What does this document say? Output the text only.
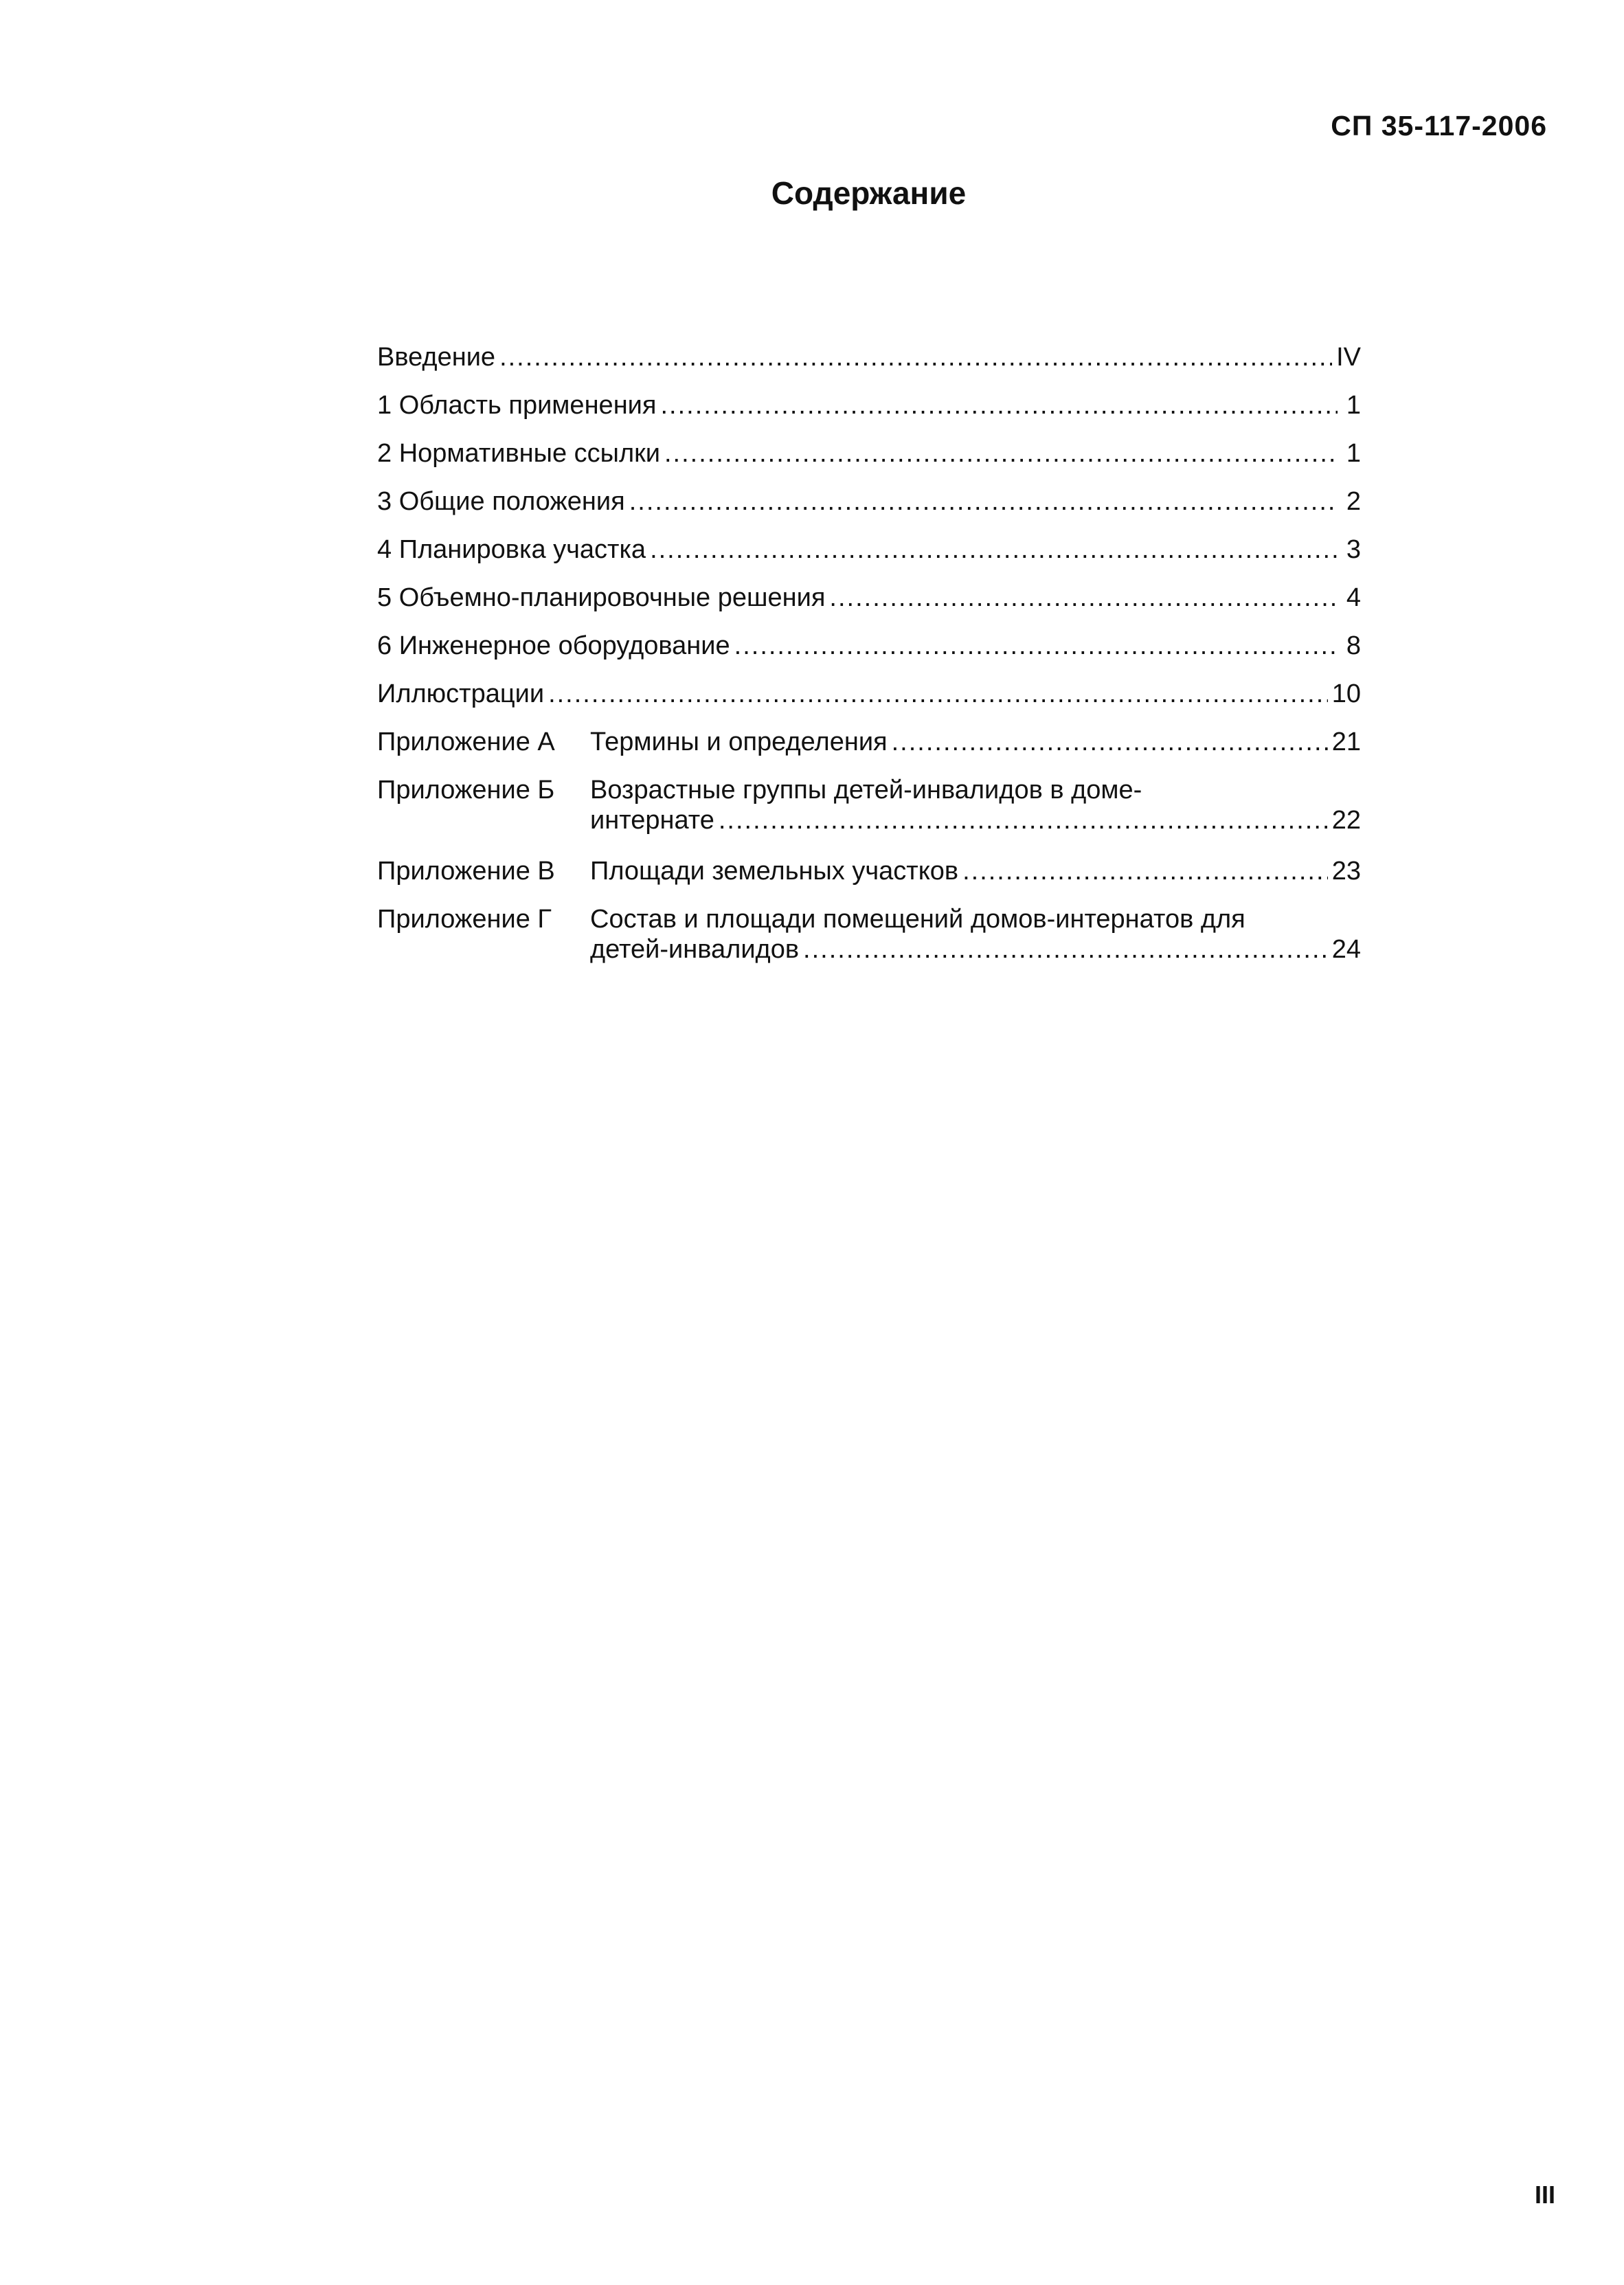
СП 35-117-2006
Содержание
Введение .....	IV
1 Область применения .....	1
2 Нормативные ссылки .....	1
3 Общие положения .....	2
4 Планировка участка .....	3
5 Объемно-планировочные решения .....	4
6 Инженерное оборудование .....	8
Иллюстрации .....	10
Приложение А	Термины и определения .....	21
Приложение Б	Возрастные группы детей-инвалидов в доме-
интернате .....	22
Приложение В	Площади земельных участков .....	23
Приложение Г	Состав и площади помещений домов-интернатов для
детей-инвалидов .....	24
III
